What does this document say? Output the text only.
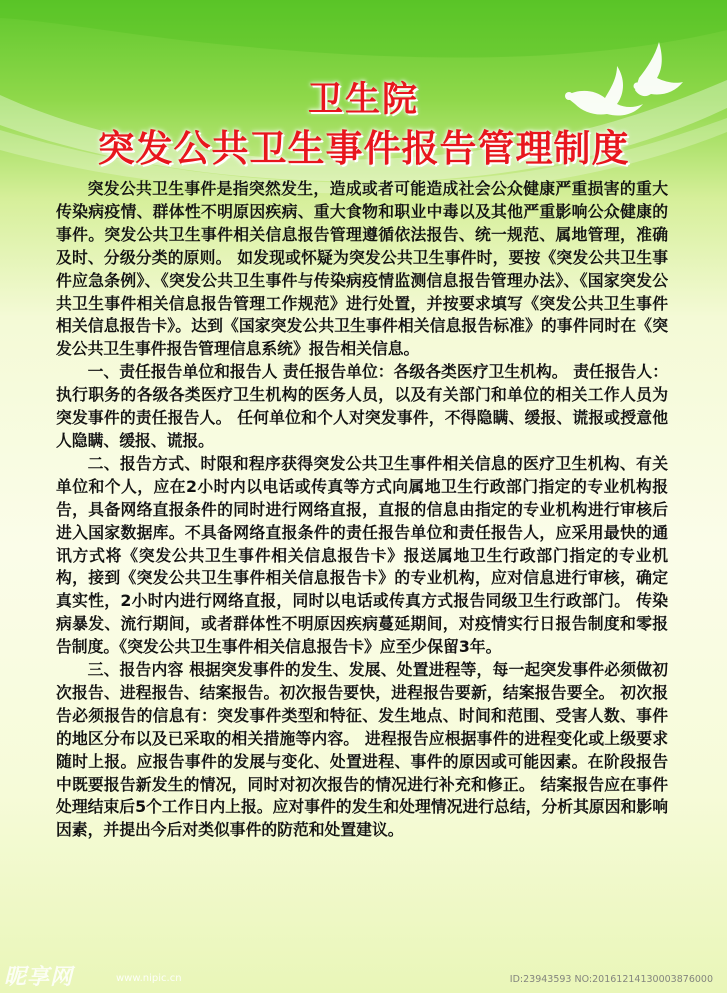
卫生院
突发公共卫生事件报告管理制度

突发公共卫生事件是指突然发生，造成或者可能造成社会公众健康严重损害的重大传染病疫情、群体性不明原因疾病、重大食物和职业中毒以及其他严重影响公众健康的事件。突发公共卫生事件相关信息报告管理遵循依法报告、统一规范、属地管理，准确及时、分级分类的原则。 如发现或怀疑为突发公共卫生事件时，要按《突发公共卫生事件应急条例》、《突发公共卫生事件与传染病疫情监测信息报告管理办法》、《国家突发公共卫生事件相关信息报告管理工作规范》进行处置，并按要求填写《突发公共卫生事件相关信息报告卡》。达到《国家突发公共卫生事件相关信息报告标准》的事件同时在《突发公共卫生事件报告管理信息系统》报告相关信息。

一、责任报告单位和报告人 责任报告单位：各级各类医疗卫生机构。 责任报告人：执行职务的各级各类医疗卫生机构的医务人员，以及有关部门和单位的相关工作人员为突发事件的责任报告人。 任何单位和个人对突发事件，不得隐瞒、缓报、谎报或授意他人隐瞒、缓报、谎报。

二、报告方式、时限和程序获得突发公共卫生事件相关信息的医疗卫生机构、有关单位和个人，应在2小时内以电话或传真等方式向属地卫生行政部门指定的专业机构报告，具备网络直报条件的同时进行网络直报，直报的信息由指定的专业机构进行审核后进入国家数据库。不具备网络直报条件的责任报告单位和责任报告人，应采用最快的通讯方式将《突发公共卫生事件相关信息报告卡》报送属地卫生行政部门指定的专业机构，接到《突发公共卫生事件相关信息报告卡》的专业机构，应对信息进行审核，确定真实性，2小时内进行网络直报，同时以电话或传真方式报告同级卫生行政部门。 传染病暴发、流行期间，或者群体性不明原因疾病蔓延期间，对疫情实行日报告制度和零报告制度。《突发公共卫生事件相关信息报告卡》应至少保留3年。

三、报告内容 根据突发事件的发生、发展、处置进程等，每一起突发事件必须做初次报告、进程报告、结案报告。初次报告要快，进程报告要新，结案报告要全。 初次报告必须报告的信息有：突发事件类型和特征、发生地点、时间和范围、受害人数、事件的地区分布以及已采取的相关措施等内容。 进程报告应根据事件的进程变化或上级要求随时上报。应报告事件的发展与变化、处置进程、事件的原因或可能因素。在阶段报告中既要报告新发生的情况，同时对初次报告的情况进行补充和修正。 结案报告应在事件处理结束后5个工作日内上报。应对事件的发生和处理情况进行总结，分析其原因和影响因素，并提出今后对类似事件的防范和处置建议。

昵享网	www.nipic.cn	ID:23943593 NO:20161214130003876000
